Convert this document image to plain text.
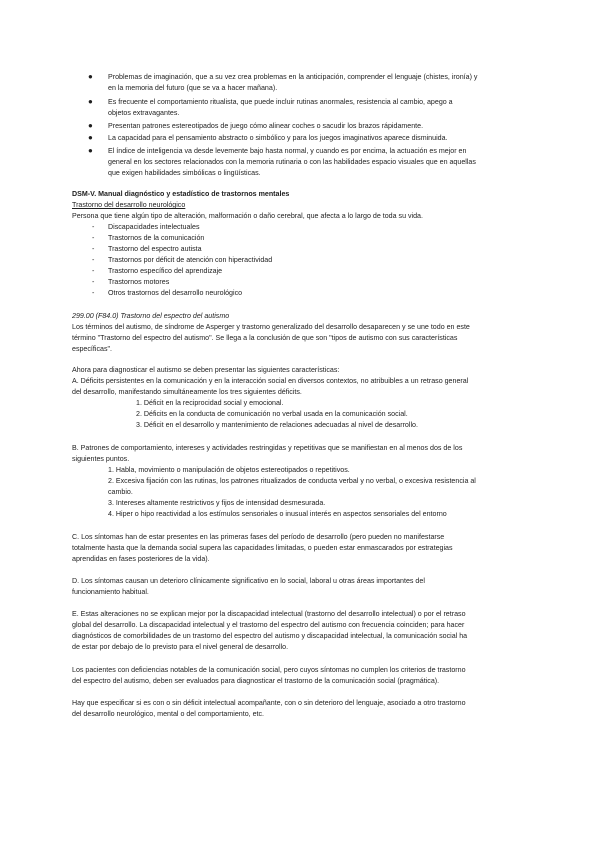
● Problemas de imaginación, que a su vez crea problemas en la anticipación, comprender el lenguaje (chistes, ironía) y
en la memoria del futuro (que se va a hacer mañana).
● Es frecuente el comportamiento ritualista, que puede incluir rutinas anormales, resistencia al cambio, apego a
objetos extravagantes.
● Presentan patrones estereotipados de juego cómo alinear coches o sacudir los brazos rápidamente.
● La capacidad para el pensamiento abstracto o simbólico y para los juegos imaginativos aparece disminuida.
● El índice de inteligencia va desde levemente bajo hasta normal, y cuando es por encima, la actuación es mejor en
general en los sectores relacionados con la memoria rutinaria o con las habilidades espacio visuales que en aquellas
que exigen habilidades simbólicas o lingüísticas.
DSM-V. Manual diagnóstico y estadístico de trastornos mentales
Trastorno del desarrollo neurológico
Persona que tiene algún tipo de alteración, malformación o daño cerebral, que afecta a lo largo de toda su vida.
- Discapacidades intelectuales
- Trastornos de la comunicación
- Trastorno del espectro autista
- Trastornos por déficit de atención con hiperactividad
- Trastorno específico del aprendizaje
- Trastornos motores
- Otros trastornos del desarrollo neurológico
299.00 (F84.0) Trastorno del espectro del autismo
Los términos del autismo, de síndrome de Asperger y trastorno generalizado del desarrollo desaparecen y se une todo en este
término "Trastorno del espectro del autismo". Se llega a la conclusión de que son "tipos de autismo con sus características
específicas".
Ahora para diagnosticar el autismo se deben presentar las siguientes características:
A. Déficits persistentes en la comunicación y en la interacción social en diversos contextos, no atribuibles a un retraso general
del desarrollo, manifestando simultáneamente los tres siguientes déficits.
1. Déficit en la reciprocidad social y emocional.
2. Déficits en la conducta de comunicación no verbal usada en la comunicación social.
3. Déficit en el desarrollo y mantenimiento de relaciones adecuadas al nivel de desarrollo.
B. Patrones de comportamiento, intereses y actividades restringidas y repetitivas que se manifiestan en al menos dos de los
siguientes puntos.
1. Habla, movimiento o manipulación de objetos estereotipados o repetitivos.
2. Excesiva fijación con las rutinas, los patrones ritualizados de conducta verbal y no verbal, o excesiva resistencia al
cambio.
3. Intereses altamente restrictivos y fijos de intensidad desmesurada.
4. Hiper o hipo reactividad a los estímulos sensoriales o inusual interés en aspectos sensoriales del entorno
C. Los síntomas han de estar presentes en las primeras fases del período de desarrollo (pero pueden no manifestarse
totalmente hasta que la demanda social supera las capacidades limitadas, o pueden estar enmascarados por estrategias
aprendidas en fases posteriores de la vida).
D. Los síntomas causan un deterioro clínicamente significativo en lo social, laboral u otras áreas importantes del
funcionamiento habitual.
E. Estas alteraciones no se explican mejor por la discapacidad intelectual (trastorno del desarrollo intelectual) o por el retraso
global del desarrollo. La discapacidad intelectual y el trastorno del espectro del autismo con frecuencia coinciden; para hacer
diagnósticos de comorbilidades de un trastorno del espectro del autismo y discapacidad intelectual, la comunicación social ha
de estar por debajo de lo previsto para el nivel general de desarrollo.
Los pacientes con deficiencias notables de la comunicación social, pero cuyos síntomas no cumplen los criterios de trastorno
del espectro del autismo, deben ser evaluados para diagnosticar el trastorno de la comunicación social (pragmática).
Hay que especificar si es con o sin déficit intelectual acompañante, con o sin deterioro del lenguaje, asociado a otro trastorno
del desarrollo neurológico, mental o del comportamiento, etc.
